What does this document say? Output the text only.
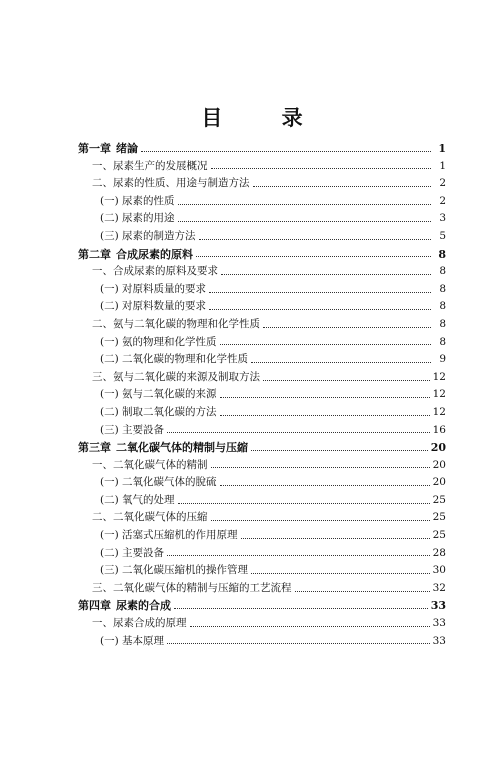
目 录
第一章 绪論	1
一、尿素生产的发展概况	1
二、尿素的性质、用途与制造方法	2
(一) 尿素的性质	2
(二) 尿素的用途	3
(三) 尿素的制造方法	5
第二章 合成尿素的原料	8
一、合成尿素的原料及要求	8
(一) 对原料质量的要求	8
(二) 对原料数量的要求	8
二、氨与二氧化碳的物理和化学性质	8
(一) 氨的物理和化学性质	8
(二) 二氧化碳的物理和化学性质	9
三、氨与二氧化碳的来源及制取方法	12
(一) 氨与二氧化碳的来源	12
(二) 制取二氧化碳的方法	12
(三) 主要設备	16
第三章 二氧化碳气体的精制与压縮	20
一、二氧化碳气体的精制	20
(一) 二氧化碳气体的脫硫	20
(二) 氧气的处理	25
二、二氧化碳气体的压縮	25
(一) 活塞式压縮机的作用原理	25
(二) 主要設备	28
(三) 二氧化碳压縮机的操作管理	30
三、二氧化碳气体的精制与压縮的工艺流程	32
第四章 尿素的合成	33
一、尿素合成的原理	33
(一) 基本原理	33
